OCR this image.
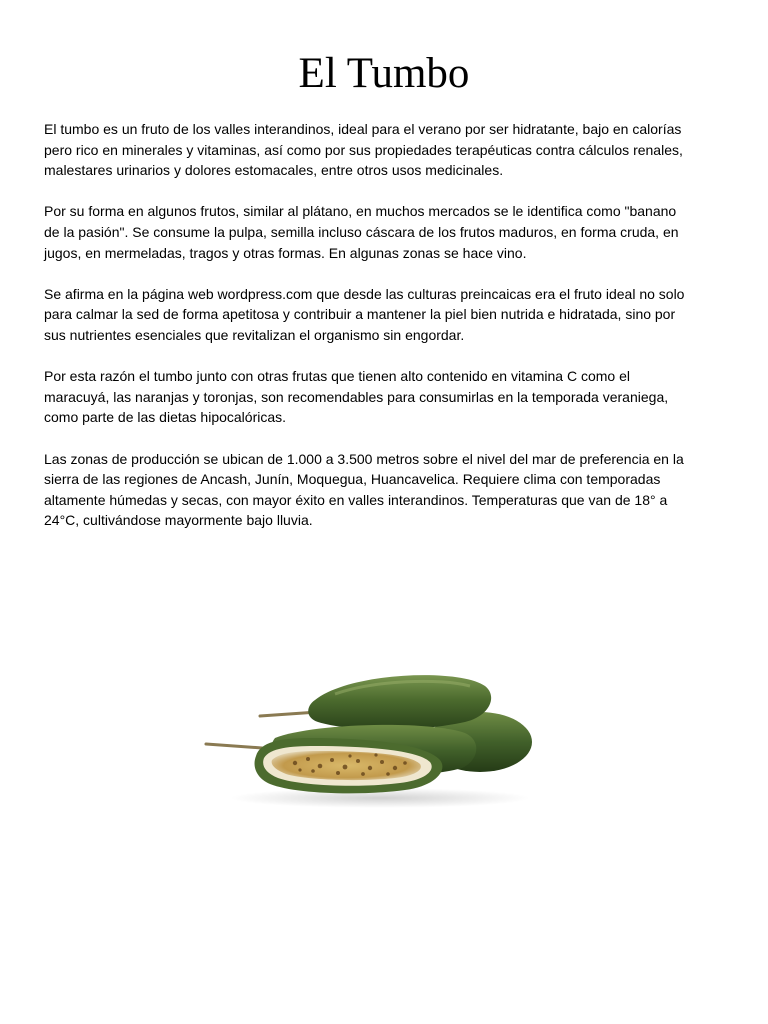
El Tumbo

El tumbo es un fruto de los valles interandinos, ideal para el verano por ser hidratante, bajo en calorías pero rico en minerales y vitaminas, así como por sus propiedades terapéuticas contra cálculos renales, malestares urinarios y dolores estomacales, entre otros usos medicinales.

Por su forma en algunos frutos, similar al plátano, en muchos mercados se le identifica como "banano de la pasión". Se consume la pulpa, semilla incluso cáscara de los frutos maduros, en forma cruda, en jugos, en mermeladas, tragos y otras formas. En algunas zonas se hace vino.

Se afirma en la página web wordpress.com que desde las culturas preincaicas era el fruto ideal no solo para calmar la sed de forma apetitosa y contribuir a mantener la piel bien nutrida e hidratada, sino por sus nutrientes esenciales que revitalizan el organismo sin engordar.

Por esta razón el tumbo junto con otras frutas que tienen alto contenido en vitamina C como el maracuyá, las naranjas y toronjas, son recomendables para consumirlas en la temporada veraniega, como parte de las dietas hipocalóricas.

Las zonas de producción se ubican de 1.000 a 3.500 metros sobre el nivel del mar de preferencia en la sierra de las regiones de Ancash, Junín, Moquegua, Huancavelica. Requiere clima con temporadas altamente húmedas y secas, con mayor éxito en valles interandinos. Temperaturas que van de 18° a 24°C, cultivándose mayormente bajo lluvia.
